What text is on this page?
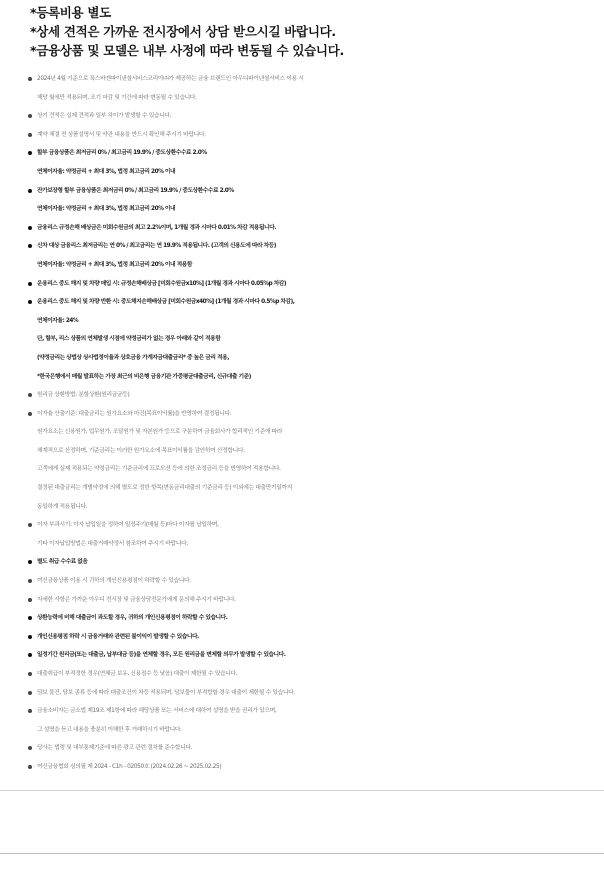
*등록비용 별도
*상세 견적은 가까운 전시장에서 상담 받으시길 바랍니다.
*금융상품 및 모델은 내부 사정에 따라 변동될 수 있습니다.
2024년 4월 기준으로 폭스바겐파이낸셜서비스코리아㈜가 제공하는 금융 브랜드인 아우디파이낸셜서비스 이용 시
해당 월에만 적용되며, 조기 마감 및 기간에 따라 변동될 수 있습니다.
상기 견적은 실제 견적과 일부 차이가 발생할 수 있습니다.
계약 체결 전 상품설명서 및 약관 내용을 반드시 확인해 주시기 바랍니다.
할부 금융상품은 최저금리 0% / 최고금리 19.9% / 중도상환수수료 2.0%
연체이자율: 약정금리 + 최대 3%, 법정 최고금리 20% 이내
잔가보장형 할부 금융상품은 최저금리 0% / 최고금리 19.9% / 중도상환수수료 2.0%
연체이자율: 약정금리 + 최대 3%, 법정 최고금리 20% 이내
금융리스 규정손해 배상금은 미회수원금의 최고 2.2%이며, 1개월 경과 시마다 0.01% 차감 적용됩니다.
신차 대상 금융리스 최저금리는 연 0% / 최고금리는 연 19.9% 적용됩니다. (고객의 신용도에 따라 차등)
연체이자율: 약정금리 + 최대 3%, 법정 최고금리 20% 이내 적용함
운용리스 중도 해지 및 차량 매입 시: 규정손해배상금 [미회수원금x10%] (1개월 경과 시마다 0.05%p 차감)
운용리스 중도 해지 및 차량 반환 시: 중도해지손해배상금 [미회수원금x40%] (1개월 경과 시마다 0.5%p 차감),
연체이자율: 24%
단, 할부, 리스 상품의 연체발생 시점에 약정금리가 없는 경우 아래와 같이 적용함
(약정금리는 상법상 상사법정이율과 상호금융 가계자금대출금리* 중 높은 금리 적용,
*한국은행에서 매월 발표하는 가장 최근의 비은행 금융기관 가중평균대출금리, 신규대출 기준)
원리금 상환방법: 분할상환(원리금균등)
이자율 산출기준: 대출금리는 원가요소와 마진(목표이익률)을 반영하여 결정됩니다.
원가요소는 신용원가, 업무원가, 조달원가 및 자본원가 등으로 구분하여 금융회사가 합리적인 기준에 따라
체계적으로 산정하며, 기준금리는 이러한 원가요소에 목표이익률을 감안하여 산정합니다.
고객에게 실제 적용되는 약정금리는 기준금리에 프로모션 등에 의한 조정금리 등을 반영하여 적용합니다.
결정된 대출금리는 개별약정에 의해 별도로 정한 항목(변동금리대출의 기준금리 등) 이외에는 대출만기일까지
동일하게 적용됩니다.
이자 부과시기: 이자 납입일을 정하여 일정주기(매월 등)마다 이자를 납입하며,
기타 이자납입방법은 대출거래약정서 참조하여 주시기 바랍니다.
별도 취급 수수료 없음
여신금융상품 이용 시 귀하의 개인신용평점이 하락할 수 있습니다.
자세한 사항은 가까운 아우디 전시장 및 금융상담전문가에게 문의해 주시기 바랍니다.
상환능력에 비해 대출금이 과도할 경우, 귀하의 개인신용평점이 하락할 수 있습니다.
개인신용평점 하락 시 금융거래와 관련된 불이익이 발생할 수 있습니다.
일정기간 원리금(또는 대출금, 납부대금 등)을 연체할 경우, 모든 원리금을 변제할 의무가 발생할 수 있습니다.
대출취급이 부적정한 경우(연체금 보유, 신용점수 등 낮음) 대출이 제한될 수 있습니다.
담보 물건, 담보 종류 등에 따라 대출조건이 차등 적용되며, 담보물이 부적합할 경우 대출이 제한될 수 있습니다.
금융소비자는 금소법 제19조 제1항에 따라 해당상품 또는 서비스에 대하여 설명을 받을 권리가 있으며,
그 설명을 듣고 내용을 충분히 이해한 후 거래하시기 바랍니다.
당사는 법령 및 내부통제기준에 따른 광고 관련 절차를 준수합니다.
여신금융협회 심의필 제 2024 - C1h - 02050호 (2024.02.26 ~ 2025.02.25)
